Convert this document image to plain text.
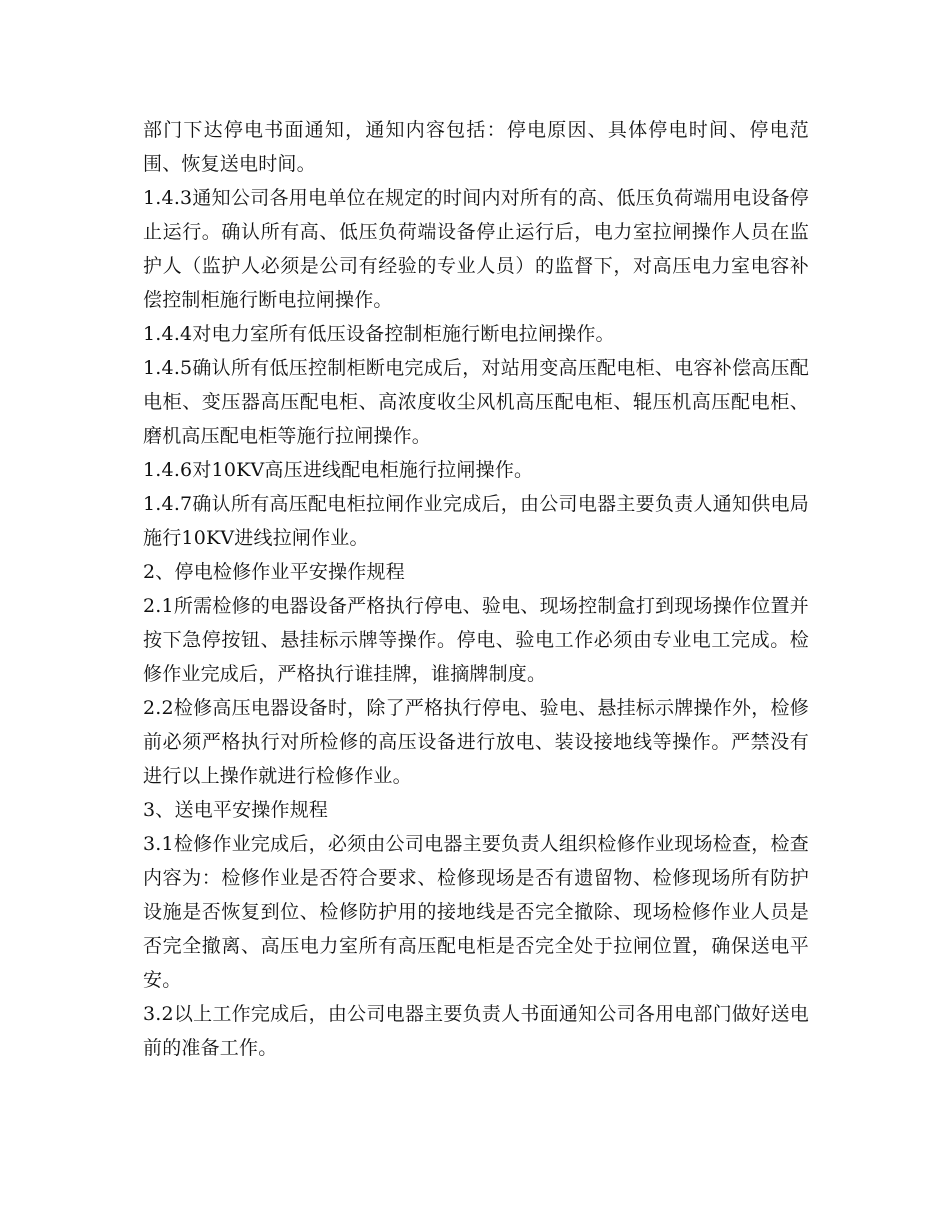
部门下达停电书面通知，通知内容包括：停电原因、具体停电时间、停电范围、恢复送电时间。

1.4.3通知公司各用电单位在规定的时间内对所有的高、低压负荷端用电设备停止运行。确认所有高、低压负荷端设备停止运行后，电力室拉闸操作人员在监护人（监护人必须是公司有经验的专业人员）的监督下，对高压电力室电容补偿控制柜施行断电拉闸操作。

1.4.4对电力室所有低压设备控制柜施行断电拉闸操作。

1.4.5确认所有低压控制柜断电完成后，对站用变高压配电柜、电容补偿高压配电柜、变压器高压配电柜、高浓度收尘风机高压配电柜、辊压机高压配电柜、磨机高压配电柜等施行拉闸操作。

1.4.6对10KV高压进线配电柜施行拉闸操作。

1.4.7确认所有高压配电柜拉闸作业完成后，由公司电器主要负责人通知供电局施行10KV进线拉闸作业。

2、停电检修作业平安操作规程

2.1所需检修的电器设备严格执行停电、验电、现场控制盒打到现场操作位置并按下急停按钮、悬挂标示牌等操作。停电、验电工作必须由专业电工完成。检修作业完成后，严格执行谁挂牌，谁摘牌制度。

2.2检修高压电器设备时，除了严格执行停电、验电、悬挂标示牌操作外，检修前必须严格执行对所检修的高压设备进行放电、装设接地线等操作。严禁没有进行以上操作就进行检修作业。

3、送电平安操作规程

3.1检修作业完成后，必须由公司电器主要负责人组织检修作业现场检查，检查内容为：检修作业是否符合要求、检修现场是否有遗留物、检修现场所有防护设施是否恢复到位、检修防护用的接地线是否完全撤除、现场检修作业人员是否完全撤离、高压电力室所有高压配电柜是否完全处于拉闸位置，确保送电平安。

3.2以上工作完成后，由公司电器主要负责人书面通知公司各用电部门做好送电前的准备工作。
